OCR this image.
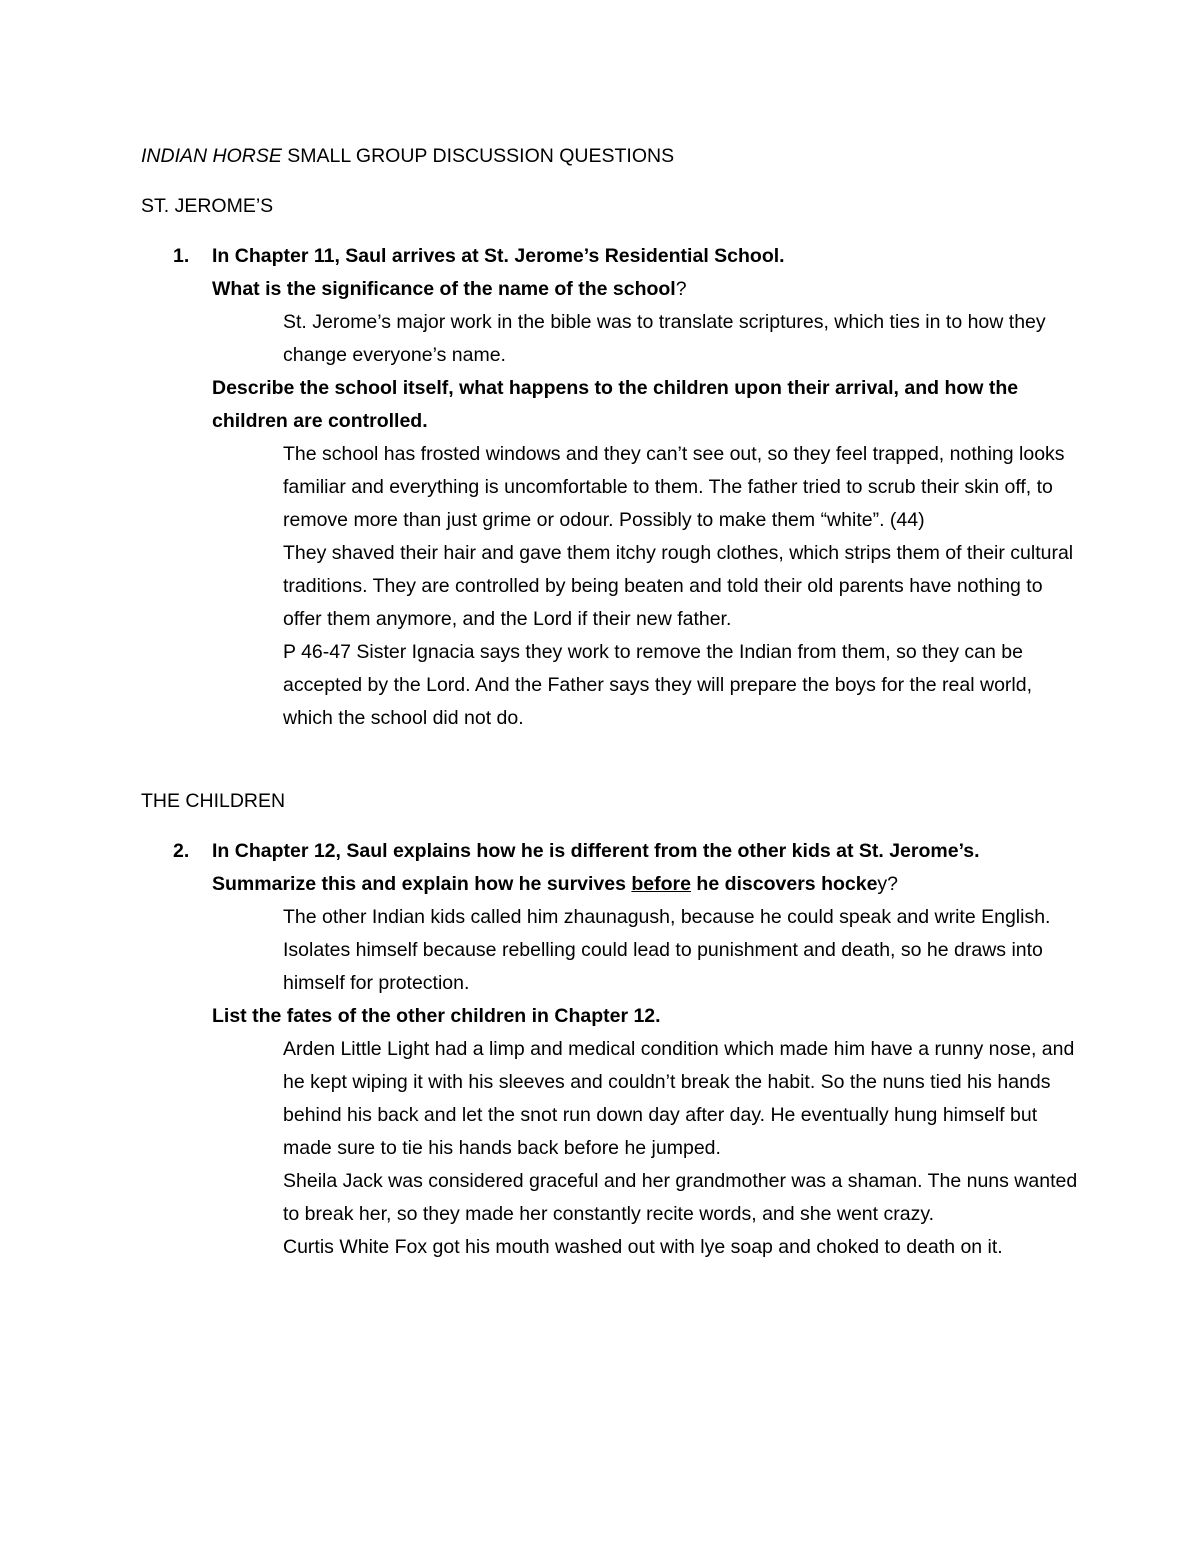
INDIAN HORSE SMALL GROUP DISCUSSION QUESTIONS

ST. JEROME’S

1. In Chapter 11, Saul arrives at St. Jerome’s Residential School.

What is the significance of the name of the school?

St. Jerome’s major work in the bible was to translate scriptures, which ties in to how they change everyone’s name.

Describe the school itself, what happens to the children upon their arrival, and how the children are controlled.

The school has frosted windows and they can’t see out, so they feel trapped, nothing looks familiar and everything is uncomfortable to them. The father tried to scrub their skin off, to remove more than just grime or odour. Possibly to make them “white”. (44)

They shaved their hair and gave them itchy rough clothes, which strips them of their cultural traditions. They are controlled by being beaten and told their old parents have nothing to offer them anymore, and the Lord if their new father.

P 46-47 Sister Ignacia says they work to remove the Indian from them, so they can be accepted by the Lord. And the Father says they will prepare the boys for the real world, which the school did not do.

THE CHILDREN

2. In Chapter 12, Saul explains how he is different from the other kids at St. Jerome’s.

Summarize this and explain how he survives before he discovers hockey?

The other Indian kids called him zhaunagush, because he could speak and write English. Isolates himself because rebelling could lead to punishment and death, so he draws into himself for protection.

List the fates of the other children in Chapter 12.

Arden Little Light had a limp and medical condition which made him have a runny nose, and he kept wiping it with his sleeves and couldn’t break the habit. So the nuns tied his hands behind his back and let the snot run down day after day. He eventually hung himself but made sure to tie his hands back before he jumped.

Sheila Jack was considered graceful and her grandmother was a shaman. The nuns wanted to break her, so they made her constantly recite words, and she went crazy.

Curtis White Fox got his mouth washed out with lye soap and choked to death on it.
